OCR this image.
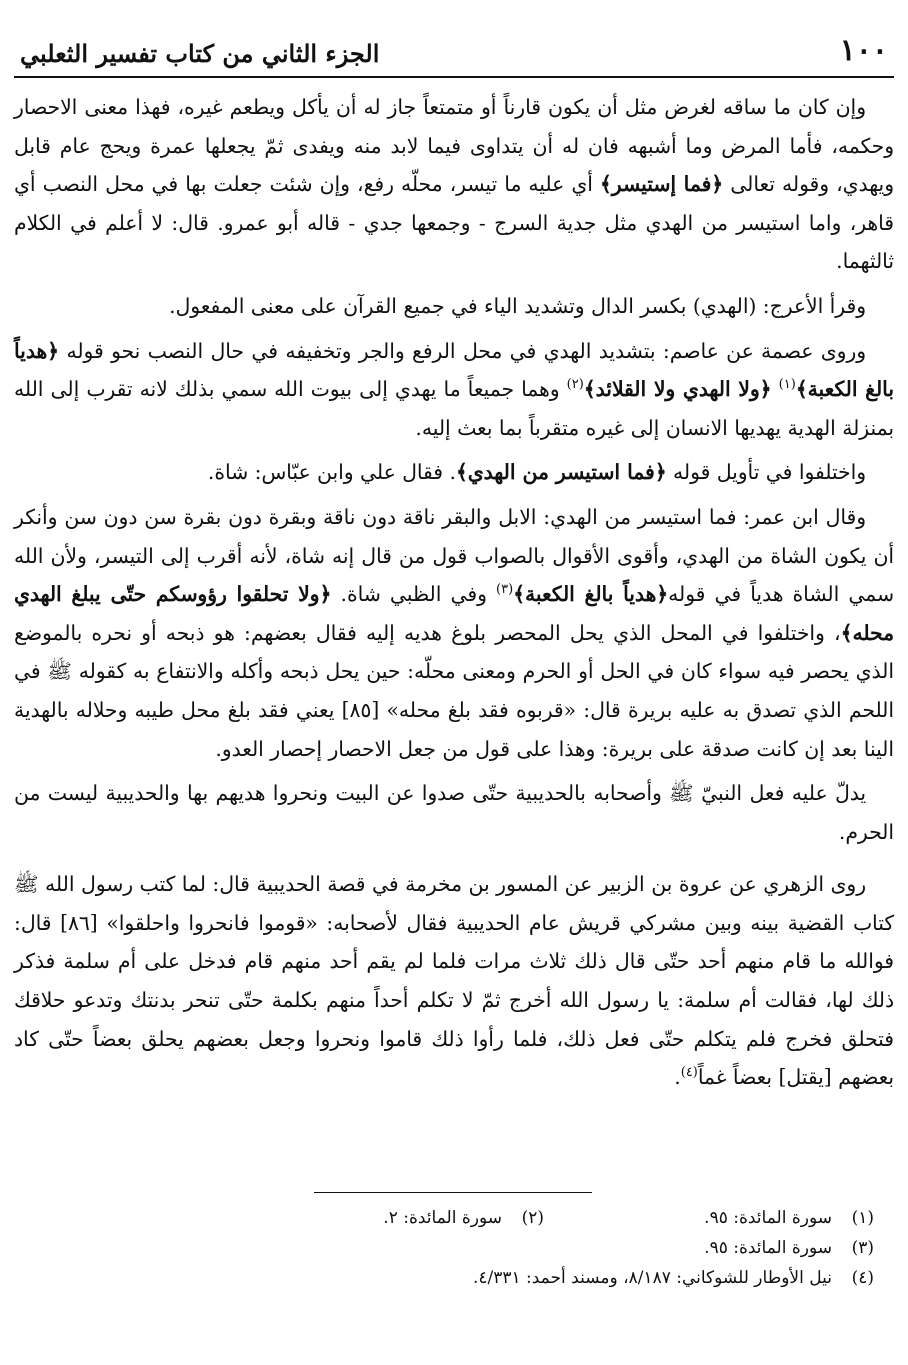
١٠٠
الجزء الثاني من كتاب تفسير الثعلبي

وإن كان ما ساقه لغرض مثل أن يكون قارناً أو متمتعاً جاز له أن يأكل ويطعم غيره، فهذا معنى الاحصار وحكمه، فأما المرض وما أشبهه فان له أن يتداوى فيما لابد منه ويفدى ثمّ يجعلها عمرة ويحج عام قابل ويهدي، وقوله تعالى ﴿فما إستيسر﴾ أي عليه ما تيسر، محلّه رفع، وإن شئت جعلت بها في محل النصب أي قاهر، واما استيسر من الهدي مثل جدية السرج - وجمعها جدي - قاله أبو عمرو. قال: لا أعلم في الكلام ثالثهما.

وقرأ الأعرج: (الهدي) بكسر الدال وتشديد الياء في جميع القرآن على معنى المفعول.

وروى عصمة عن عاصم: بتشديد الهدي في محل الرفع والجر وتخفيفه في حال النصب نحو قوله ﴿هدياً بالغ الكعبة﴾$^{(١)}$ ﴿ولا الهدي ولا القلائد﴾$^{(٢)}$ وهما جميعاً ما يهدي إلى بيوت الله سمي بذلك لانه تقرب إلى الله بمنزلة الهدية يهديها الانسان إلى غيره متقرباً بما بعث إليه.

واختلفوا في تأويل قوله ﴿فما استيسر من الهدي﴾. فقال علي وابن عبّاس: شاة.

وقال ابن عمر: فما استيسر من الهدي: الابل والبقر ناقة دون ناقة وبقرة دون بقرة سن دون سن وأنكر أن يكون الشاة من الهدي، وأقوى الأقوال بالصواب قول من قال إنه شاة، لأنه أقرب إلى التيسر، ولأن الله سمي الشاة هدياً في قوله﴿هدياً بالغ الكعبة﴾$^{(٣)}$ وفي الظبي شاة. ﴿ولا تحلقوا رؤوسكم حتّى يبلغ الهدي محله﴾، واختلفوا في المحل الذي يحل المحصر بلوغ هديه إليه فقال بعضهم: هو ذبحه أو نحره بالموضع الذي يحصر فيه سواء كان في الحل أو الحرم ومعنى محلّه: حين يحل ذبحه وأكله والانتفاع به كقوله ﷺ في اللحم الذي تصدق به عليه بريرة قال: «قربوه فقد بلغ محله» [٨٥] يعني فقد بلغ محل طيبه وحلاله بالهدية الينا بعد إن كانت صدقة على بريرة: وهذا على قول من جعل الاحصار إحصار العدو.

يدلّ عليه فعل النبيّ ﷺ وأصحابه بالحديبية حتّى صدوا عن البيت ونحروا هديهم بها والحديبية ليست من الحرم.

روى الزهري عن عروة بن الزبير عن المسور بن مخرمة في قصة الحديبية قال: لما كتب رسول الله ﷺ كتاب القضية بينه وبين مشركي قريش عام الحديبية فقال لأصحابه: «قوموا فانحروا واحلقوا» [٨٦] قال: فوالله ما قام منهم أحد حتّى قال ذلك ثلاث مرات فلما لم يقم أحد منهم قام فدخل على أم سلمة فذكر ذلك لها، فقالت أم سلمة: يا رسول الله أخرج ثمّ لا تكلم أحداً منهم بكلمة حتّى تنحر بدنتك وتدعو حلاقك فتحلق فخرج فلم يتكلم حتّى فعل ذلك، فلما رأوا ذلك قاموا ونحروا وجعل بعضهم يحلق بعضاً حتّى كاد بعضهم [يقتل] بعضاً غماً$^{(٤)}$.

(١)
سورة المائدة: ٩٥.
(٢)
سورة المائدة: ٢.
(٣)
سورة المائدة: ٩٥.
(٤)
نيل الأوطار للشوكاني: ٨/١٨٧، ومسند أحمد: ٤/٣٣١.
